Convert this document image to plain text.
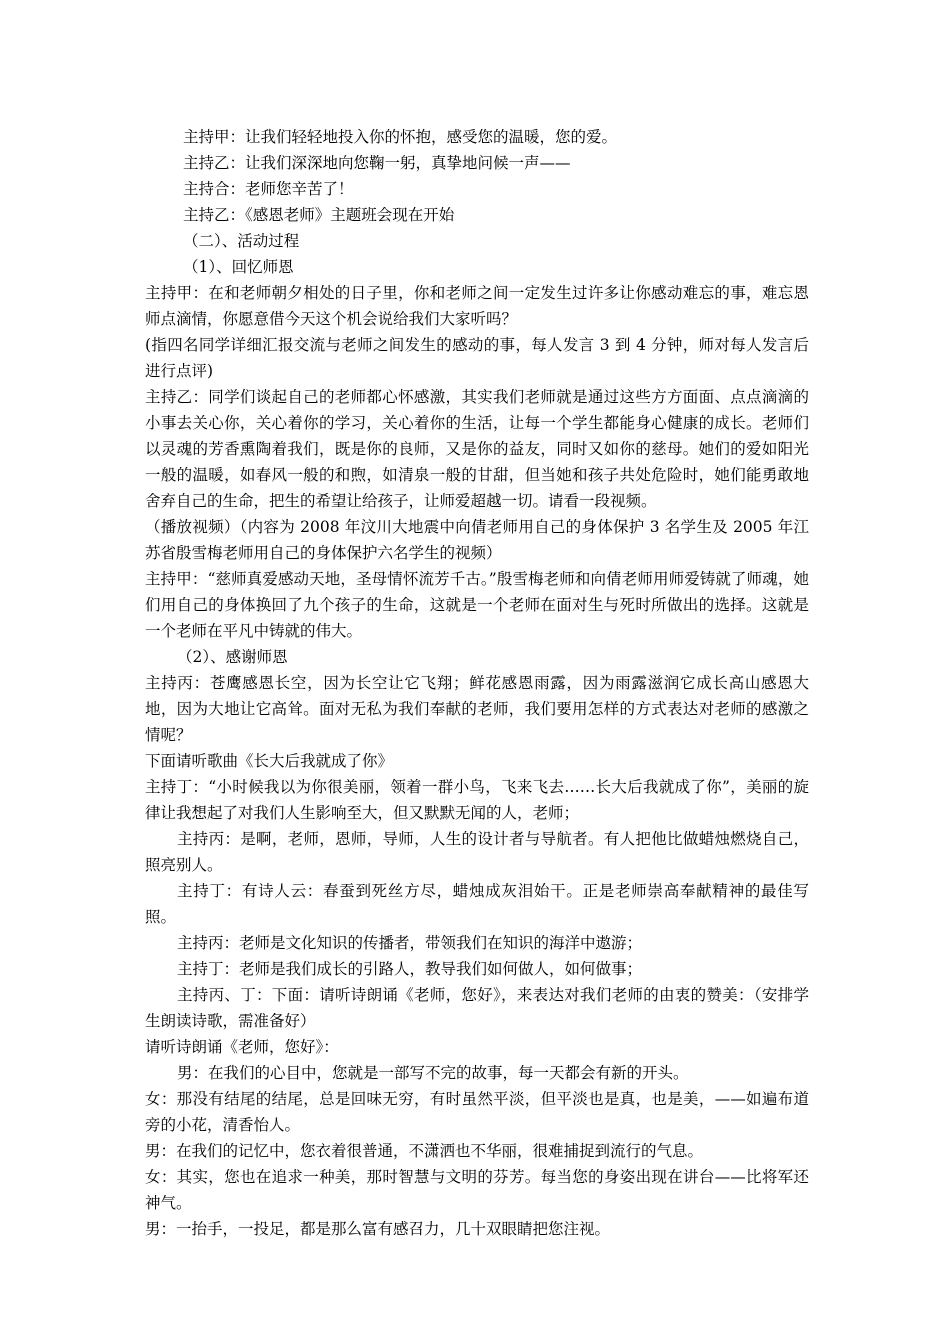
主持甲：让我们轻轻地投入你的怀抱，感受您的温暖，您的爱。

主持乙：让我们深深地向您鞠一躬，真挚地问候一声——

主持合：老师您辛苦了！

主持乙：《感恩老师》主题班会现在开始

（二）、活动过程

（1）、回忆师恩

主持甲：在和老师朝夕相处的日子里，你和老师之间一定发生过许多让你感动难忘的事，难忘恩师点滴情，你愿意借今天这个机会说给我们大家听吗？

(指四名同学详细汇报交流与老师之间发生的感动的事，每人发言 3 到 4 分钟，师对每人发言后进行点评)

主持乙：同学们谈起自己的老师都心怀感激，其实我们老师就是通过这些方方面面、点点滴滴的小事去关心你，关心着你的学习，关心着你的生活，让每一个学生都能身心健康的成长。老师们以灵魂的芳香熏陶着我们，既是你的良师，又是你的益友，同时又如你的慈母。她们的爱如阳光一般的温暖，如春风一般的和煦，如清泉一般的甘甜，但当她和孩子共处危险时，她们能勇敢地舍弃自己的生命，把生的希望让给孩子，让师爱超越一切。请看一段视频。

（播放视频）（内容为 2008 年汶川大地震中向倩老师用自己的身体保护 3 名学生及 2005 年江苏省殷雪梅老师用自己的身体保护六名学生的视频）

主持甲：“慈师真爱感动天地，圣母情怀流芳千古。”殷雪梅老师和向倩老师用师爱铸就了师魂，她们用自己的身体换回了九个孩子的生命，这就是一个老师在面对生与死时所做出的选择。这就是一个老师在平凡中铸就的伟大。

（2）、感谢师恩

主持丙：苍鹰感恩长空，因为长空让它飞翔；鲜花感恩雨露，因为雨露滋润它成长高山感恩大地，因为大地让它高耸。面对无私为我们奉献的老师，我们要用怎样的方式表达对老师的感激之情呢？

下面请听歌曲《长大后我就成了你》

主持丁：“小时候我以为你很美丽，领着一群小鸟，飞来飞去……长大后我就成了你”，美丽的旋律让我想起了对我们人生影响至大，但又默默无闻的人，老师；

主持丙：是啊，老师，恩师，导师，人生的设计者与导航者。有人把他比做蜡烛燃烧自己，照亮别人。

主持丁：有诗人云：春蚕到死丝方尽，蜡烛成灰泪始干。正是老师崇高奉献精神的最佳写照。

主持丙：老师是文化知识的传播者，带领我们在知识的海洋中遨游；

主持丁：老师是我们成长的引路人，教导我们如何做人，如何做事；

主持丙、丁：下面：请听诗朗诵《老师，您好》，来表达对我们老师的由衷的赞美：（安排学生朗读诗歌，需准备好）

请听诗朗诵《老师，您好》：

男：在我们的心目中，您就是一部写不完的故事，每一天都会有新的开头。

女：那没有结尾的结尾，总是回味无穷，有时虽然平淡，但平淡也是真，也是美，——如遍布道旁的小花，清香怡人。

男：在我们的记忆中，您衣着很普通，不潇洒也不华丽，很难捕捉到流行的气息。

女：其实，您也在追求一种美，那时智慧与文明的芬芳。每当您的身姿出现在讲台——比将军还神气。

男：一抬手，一投足，都是那么富有感召力，几十双眼睛把您注视。
